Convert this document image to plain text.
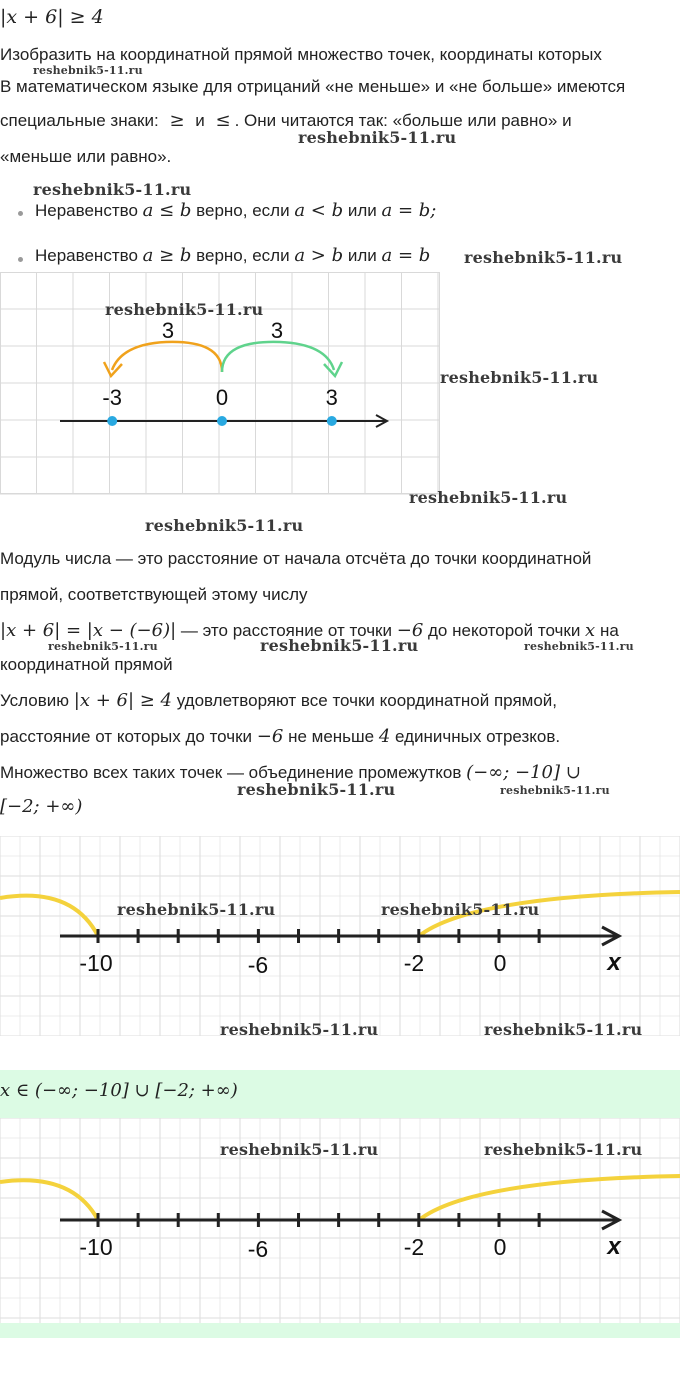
|x + 6| ≥ 4
Изобразить на координатной прямой множество точек, координаты которых
В математическом языке для отрицаний «не меньше» и «не больше» имеются
специальные знаки: ≥ и ≤ . Они читаются так: «больше или равно» и
«меньше или равно».
Неравенство a ≤ b верно, если a < b или a = b;
Неравенство a ≥ b верно, если a > b или a = b
3	3
-3	0	3
Модуль числа — это расстояние от начала отсчёта до точки координатной
прямой, соответствующей этому числу
|x + 6| = |x − (−6)| — это расстояние от точки −6 до некоторой точки x на
координатной прямой
Условию |x + 6| ≥ 4 удовлетворяют все точки координатной прямой,
расстояние от которых до точки −6 не меньше 4 единичных отрезков.
Множество всех таких точек — объединение промежутков (−∞; −10] ∪
[−2; +∞)
-10	-6	-2	0	x
x ∈ (−∞; −10] ∪ [−2; +∞)
-10	-6	-2	0	x
reshebnik5-11.ru
reshebnik5-11.ru
reshebnik5-11.ru
reshebnik5-11.ru
reshebnik5-11.ru
reshebnik5-11.ru
reshebnik5-11.ru
reshebnik5-11.ru
reshebnik5-11.ru	reshebnik5-11.ru	reshebnik5-11.ru
reshebnik5-11.ru	reshebnik5-11.ru
reshebnik5-11.ru	reshebnik5-11.ru
reshebnik5-11.ru	reshebnik5-11.ru
reshebnik5-11.ru	reshebnik5-11.ru
